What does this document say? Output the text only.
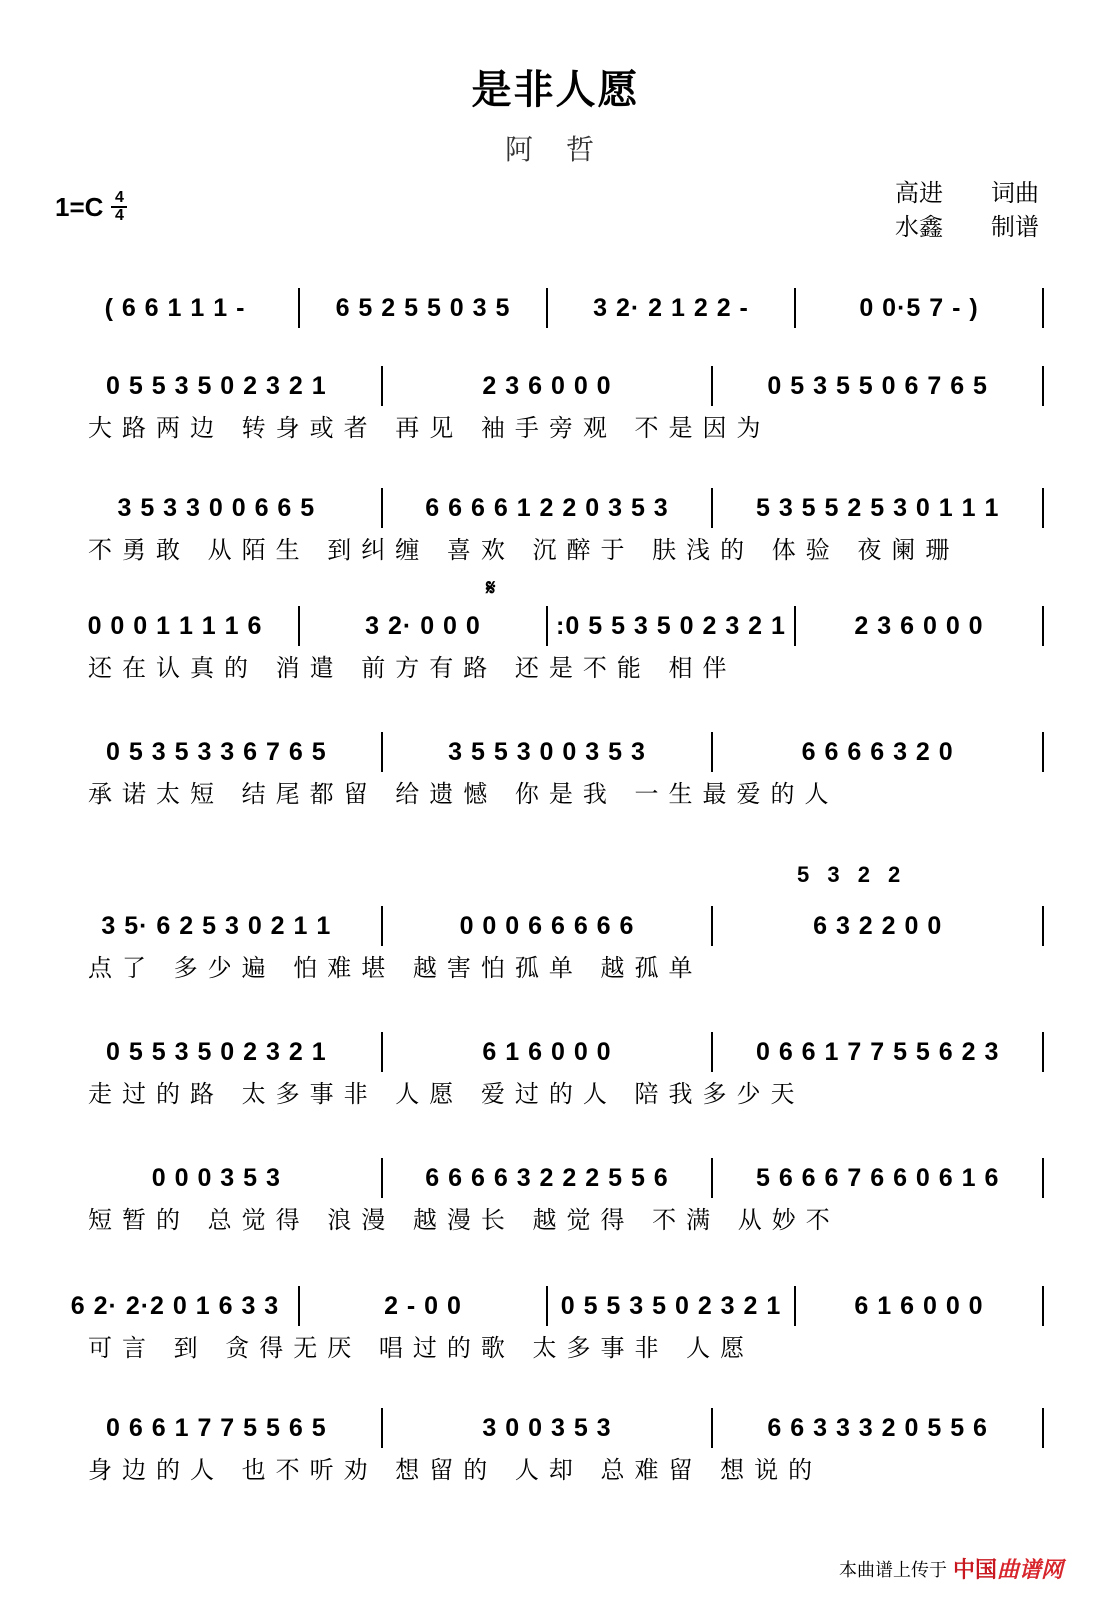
是非人愿
阿 哲
1=C 4
4
高进 词曲
水鑫 制谱
𝄋
5 3 2 2
( 6 6 1 1 1 -	6 5 2 5 5 0 3 5	3 2· 2 1 2 2 -	0 0·5 7 - )
0 5 5 3 5 0 2 3 2 1	2 3 6 0 0 0	0 5 3 5 5 0 6 7 6 5
大路两边 转身或者 再见 袖手旁观 不是因为
3 5 3 3 0 0 6 6 5	6 6 6 6 1 2 2 0 3 5 3	5 3 5 5 2 5 3 0 1 1 1
不勇敢 从陌生 到纠缠 喜欢 沉醉于 肤浅的 体验 夜阑珊
0 0 0 1 1 1 1 6	3 2· 0 0 0	:0 5 5 3 5 0 2 3 2 1	2 3 6 0 0 0
还在认真的 消遣 前方有路 还是不能 相伴
0 5 3 5 3 3 6 7 6 5	3 5 5 3 0 0 3 5 3	6 6 6 6 3 2 0
承诺太短 结尾都留 给遗憾 你是我 一生最爱的人
3 5· 6 2 5 3 0 2 1 1	0 0 0 6 6 6 6 6	6 3 2 2 0 0
点了 多少遍 怕难堪 越害怕孤单 越孤单
0 5 5 3 5 0 2 3 2 1	6 1 6 0 0 0	0 6 6 1 7 7 5 5 6 2 3
走过的路 太多事非 人愿 爱过的人 陪我多少天
0 0 0 3 5 3	6 6 6 6 3 2 2 2 5 5 6	5 6 6 6 7 6 6 0 6 1 6
短暂的 总觉得 浪漫 越漫长 越觉得 不满 从妙不
6 2· 2·2 0 1 6 3 3	2 - 0 0	0 5 5 3 5 0 2 3 2 1	6 1 6 0 0 0
可言 到 贪得无厌 唱过的歌 太多事非 人愿
0 6 6 1 7 7 5 5 6 5	3 0 0 3 5 3	6 6 3 3 3 2 0 5 5 6
身边的人 也不听劝 想留的 人却 总难留 想说的
本曲谱上传于 中国曲谱网
